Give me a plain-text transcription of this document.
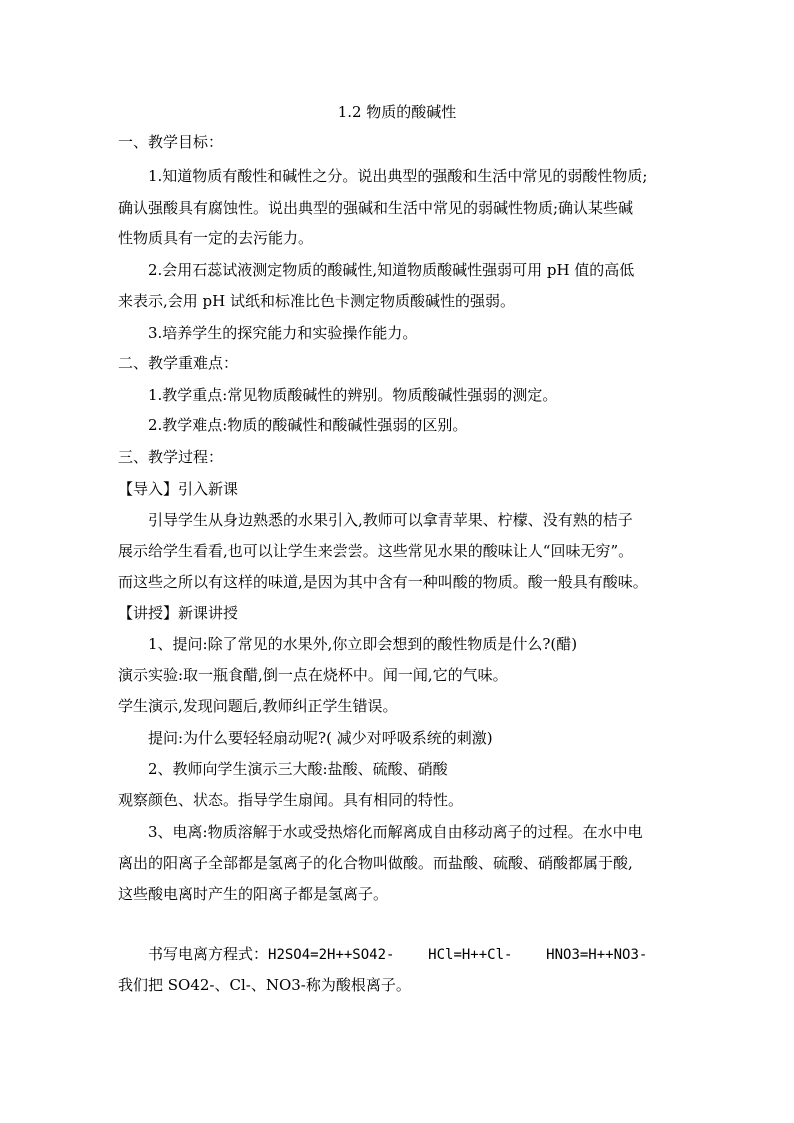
1.2 物质的酸碱性
一、教学目标：
1.知道物质有酸性和碱性之分。说出典型的强酸和生活中常见的弱酸性物质;
确认强酸具有腐蚀性。说出典型的强碱和生活中常见的弱碱性物质;确认某些碱
性物质具有一定的去污能力。
2.会用石蕊试液测定物质的酸碱性,知道物质酸碱性强弱可用 pH 值的高低
来表示,会用 pH 试纸和标准比色卡测定物质酸碱性的强弱。
3.培养学生的探究能力和实验操作能力。
二、教学重难点：
1.教学重点:常见物质酸碱性的辨别。物质酸碱性强弱的测定。
2.教学难点:物质的酸碱性和酸碱性强弱的区别。
三、教学过程：
【导入】引入新课
引导学生从身边熟悉的水果引入,教师可以拿青苹果、柠檬、没有熟的桔子
展示给学生看看,也可以让学生来尝尝。这些常见水果的酸味让人“回味无穷”。
而这些之所以有这样的味道,是因为其中含有一种叫酸的物质。酸一般具有酸味。
【讲授】新课讲授
1、提问:除了常见的水果外,你立即会想到的酸性物质是什么?(醋)
演示实验:取一瓶食醋,倒一点在烧杯中。闻一闻,它的气味。
学生演示,发现问题后,教师纠正学生错误。
提问:为什么要轻轻扇动呢?( 减少对呼吸系统的刺激)
2、教师向学生演示三大酸:盐酸、硫酸、硝酸
观察颜色、状态。指导学生扇闻。具有相同的特性。
3、电离:物质溶解于水或受热熔化而解离成自由移动离子的过程。在水中电
离出的阳离子全部都是氢离子的化合物叫做酸。而盐酸、硫酸、硝酸都属于酸,
这些酸电离时产生的阳离子都是氢离子。
书写电离方程式：H2SO4=2H++SO42-    HCl=H++Cl-    HNO3=H++NO3-
我们把 SO42-、Cl-、NO3-称为酸根离子。
